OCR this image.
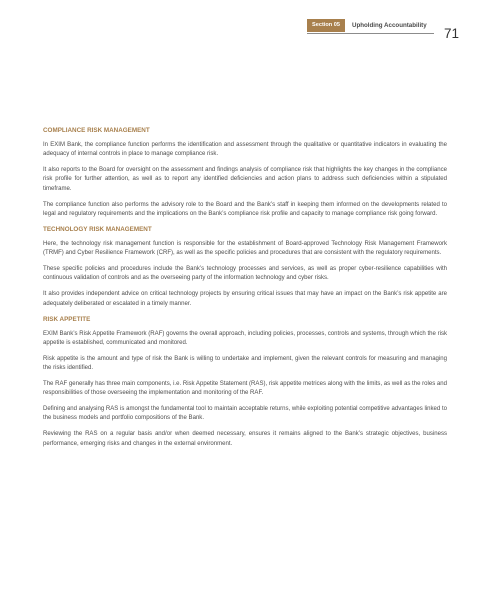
Section 05	Upholding Accountability
71
COMPLIANCE RISK MANAGEMENT

In EXIM Bank, the compliance function performs the identification and assessment through the qualitative or quantitative indicators in evaluating the adequacy of internal controls in place to manage compliance risk.

It also reports to the Board for oversight on the assessment and findings analysis of compliance risk that highlights the key changes in the compliance risk profile for further attention, as well as to report any identified deficiencies and action plans to address such deficiencies within a stipulated timeframe.

The compliance function also performs the advisory role to the Board and the Bank’s staff in keeping them informed on the developments related to legal and regulatory requirements and the implications on the Bank’s compliance risk profile and capacity to manage compliance risk going forward.

TECHNOLOGY RISK MANAGEMENT

Here, the technology risk management function is responsible for the establishment of Board-approved Technology Risk Management Framework (TRMF) and Cyber Resilience Framework (CRF), as well as the specific policies and procedures that are consistent with the regulatory requirements.

These specific policies and procedures include the Bank’s technology processes and services, as well as proper cyber-resilience capabilities with continuous validation of controls and as the overseeing party of the information technology and cyber risks.

It also provides independent advice on critical technology projects by ensuring critical issues that may have an impact on the Bank’s risk appetite are adequately deliberated or escalated in a timely manner.

RISK APPETITE

EXIM Bank’s Risk Appetite Framework (RAF) governs the overall approach, including policies, processes, controls and systems, through which the risk appetite is established, communicated and monitored.

Risk appetite is the amount and type of risk the Bank is willing to undertake and implement, given the relevant controls for measuring and managing the risks identified.

The RAF generally has three main components, i.e. Risk Appetite Statement (RAS), risk appetite metrices along with the limits, as well as the roles and responsibilities of those overseeing the implementation and monitoring of the RAF.

Defining and analysing RAS is amongst the fundamental tool to maintain acceptable returns, while exploiting potential competitive advantages linked to the business models and portfolio compositions of the Bank.

Reviewing the RAS on a regular basis and/or when deemed necessary, ensures it remains aligned to the Bank’s strategic objectives, business performance, emerging risks and changes in the external environment.
